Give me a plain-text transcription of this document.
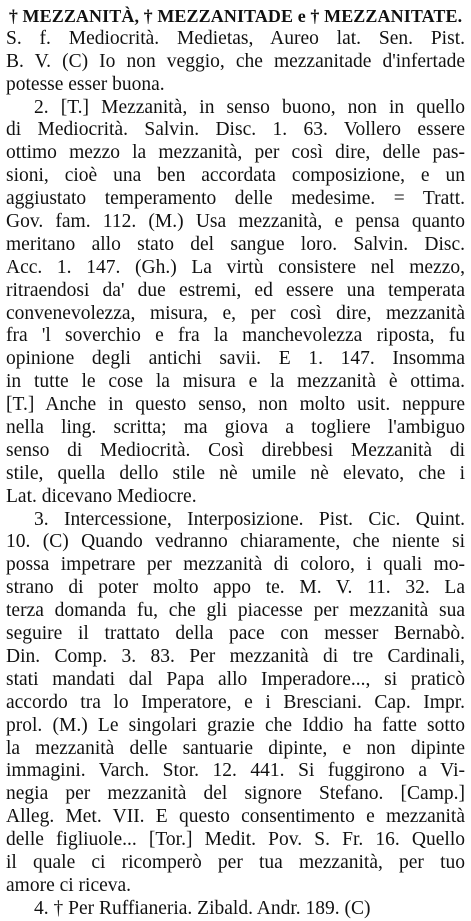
† MEZZANITÀ, † MEZZANITADE e † MEZZANITATE.
S. f. Mediocrità. Medietas, Aureo lat. Sen. Pist.
B. V. (C) Io non veggio, che mezzanitade d'infertade
potesse esser buona.
2. [T.] Mezzanità, in senso buono, non in quello
di Mediocrità. Salvin. Disc. 1. 63. Vollero essere
ottimo mezzo la mezzanità, per così dire, delle pas-
sioni, cioè una ben accordata composizione, e un
aggiustato temperamento delle medesime. = Tratt.
Gov. fam. 112. (M.) Usa mezzanità, e pensa quanto
meritano allo stato del sangue loro. Salvin. Disc.
Acc. 1. 147. (Gh.) La virtù consistere nel mezzo,
ritraendosi da' due estremi, ed essere una temperata
convenevolezza, misura, e, per così dire, mezzanità
fra 'l soverchio e fra la manchevolezza riposta, fu
opinione degli antichi savii. E 1. 147. Insomma
in tutte le cose la misura e la mezzanità è ottima.
[T.] Anche in questo senso, non molto usit. neppure
nella ling. scritta; ma giova a togliere l'ambiguo
senso di Mediocrità. Così direbbesi Mezzanità di
stile, quella dello stile nè umile nè elevato, che i
Lat. dicevano Mediocre.
3. Intercessione, Interposizione. Pist. Cic. Quint.
10. (C) Quando vedranno chiaramente, che niente si
possa impetrare per mezzanità di coloro, i quali mo-
strano di poter molto appo te. M. V. 11. 32. La
terza domanda fu, che gli piacesse per mezzanità sua
seguire il trattato della pace con messer Bernabò.
Din. Comp. 3. 83. Per mezzanità di tre Cardinali,
stati mandati dal Papa allo Imperadore..., si praticò
accordo tra lo Imperatore, e i Bresciani. Cap. Impr.
prol. (M.) Le singolari grazie che Iddio ha fatte sotto
la mezzanità delle santuarie dipinte, e non dipinte
immagini. Varch. Stor. 12. 441. Si fuggirono a Vi-
negia per mezzanità del signore Stefano. [Camp.]
Alleg. Met. VII. E questo consentimento e mezzanità
delle figliuole... [Tor.] Medit. Pov. S. Fr. 16. Quello
il quale ci ricomperò per tua mezzanità, per tuo
amore ci riceva.
4. † Per Ruffianeria. Zibald. Andr. 189. (C)
